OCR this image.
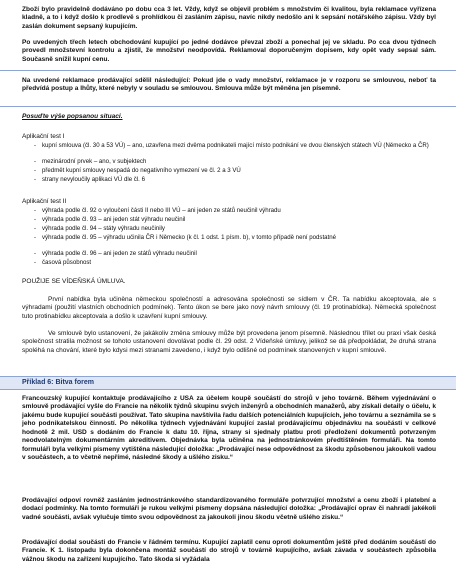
Zboží bylo pravidelně dodáváno po dobu cca 3 let. Vždy, když se objevil problém s množstvím či kvalitou, byla reklamace vyřízena kladně, a to i když došlo k prodlevě s prohlídkou či zasláním zápisu, navíc nikdy nedošlo ani k sepsání notářského zápisu. Vždy byl zaslán dokument sepsaný kupujícím.

Po uvedených třech letech obchodování kupující po jedné dodávce převzal zboží a ponechal jej ve skladu. Po cca dvou týdnech provedl množstevní kontrolu a zjistil, že množství neodpovídá. Reklamoval doporučeným dopisem, kdy opět vady sepsal sám. Současně snížil kupní cenu.

Na uvedené reklamace prodávající sdělil následující: Pokud jde o vady množství, reklamace je v rozporu se smlouvou, neboť ta předvídá postup a lhůty, které nebyly v souladu se smlouvou. Smlouva může být měněna jen písemně.

Posuďte výše popsanou situaci.

Aplikační test I

- kupní smlouva (čl. 30 a 53 VÚ) – ano, uzavřena mezi dvěma podnikateli mající místo podnikání ve dvou členských státech VÚ (Německo a ČR)

- mezinárodní prvek – ano, v subjektech

- předmět kupní smlouvy nespadá do negativního vymezení ve čl. 2 a 3 VÚ

- strany nevyloučily aplikaci VÚ dle čl. 6

Aplikační test II

- výhrada podle čl. 92 o vyloučení části II nebo III VÚ – ani jeden ze států neučinil výhradu

- výhrada podle čl. 93 – ani jeden stát výhradu neučinil

- výhrada podle čl. 94 – státy výhradu neučinily

- výhrada podle čl. 95 – výhradu učinila ČR i Německo (k čl. 1 odst. 1 písm. b), v tomto případě není podstatné

- výhrada podle čl. 96 – ani jeden ze států výhradu neučinil

- časová působnost

POUŽIJE SE VÍDEŇSKÁ ÚMLUVA.

První nabídka byla učiněna německou společností a adresována společnosti se sídlem v ČR. Ta nabídku akceptovala, ale s výhradami (použití vlastních obchodních podmínek). Tento úkon se bere jako nový návrh smlouvy (čl. 19 protinabídka). Německá společnost tuto protinabídku akceptovala a došlo k uzavření kupní smlouvy.

Ve smlouvě bylo ustanovení, že jakákoliv změna smlouvy může být provedena jenom písemně. Následnou třílet ou praxí však česká společnost stratila možnost se tohoto ustanovení dovolávat podle čl. 29 odst. 2 Vídeňské úmluvy, jelikož se dá předpokládat, že druhá strana spoléhá na chování, které bylo kdysi mezi stranami zavedeno, i když bylo odlišné od podmínek stanovených v kupní smlouvě.

Příklad 6: Bitva forem

Francouzský kupující kontaktuje prodávajícího z USA za účelem koupě součástí do strojů v jeho továrně. Během vyjednávání o smlouvě prodávající vyšle do Francie na několik týdnů skupinu svých inženýrů a obchodních manažerů, aby získali detaily o účelu, k jakému bude kupující součásti používat. Tato skupina navštívila řadu dalších potenciálních kupujících, jeho továrnu a seznámila se s jeho podnikatelskou činností. Po několika týdnech vyjednávání kupující zaslal prodávajícímu objednávku na součásti v celkové hodnotě 2 mil. USD s dodáním do Francie k datu 10. října, strany si sjednaly platbu proti předložení dokumentů potvrzeným neodvolatelným dokumentárním akreditivem. Objednávka byla učiněna na jednostránkovém předtištěném formuláři. Na tomto formuláři byla velkými písmeny vytištěna následující doložka: „Prodávající nese odpovědnost za škodu způsobenou jakoukoli vadou v součástech, a to včetně nepřímé, následné škody a ušlého zisku.“

Prodávající odpoví rovněž zasláním jednostránkového standardizovaného formuláře potvrzující množství a cenu zboží i platební a dodací podmínky. Na tomto formuláři je rukou velkými písmeny dopsána následující doložka: „Prodávající oprav či nahradí jakékoli vadné součásti, avšak vylučuje tímto svou odpovědnost za jakoukoli jinou škodu včetně ušlého zisku.“

Prodávající dodal součásti do Francie v řádném termínu. Kupující zaplatil cenu oproti dokumentům ještě před dodáním součástí do Francie. K 1. listopadu byla dokončena montáž součástí do strojů v továrně kupujícího, avšak závada v součástech způsobila vážnou škodu na zařízení kupujícího. Tato škoda si vyžádala
